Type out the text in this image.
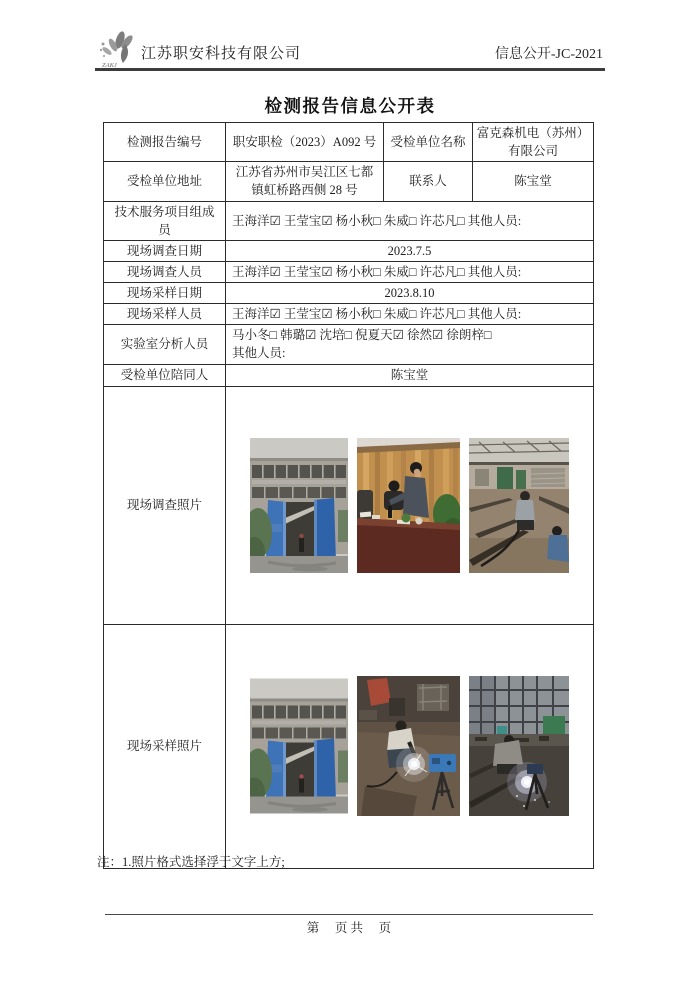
ZAKJ
江苏职安科技有限公司	信息公开-JC-2021
检测报告信息公开表
检测报告编号	职安职检（2023）A092 号	受检单位名称	富克森机电（苏州）有限公司
受检单位地址	江苏省苏州市吴江区七都镇虹桥路西侧 28 号	联系人	陈宝堂
技术服务项目组成员	王海洋☑ 王莹宝☑ 杨小秋□ 朱威□ 许芯凡□ 其他人员:		
现场调查日期	2023.7.5		
现场调查人员	王海洋☑ 王莹宝☑ 杨小秋□ 朱威□ 许芯凡□ 其他人员:		
现场采样日期	2023.8.10		
现场采样人员	王海洋☑ 王莹宝☑ 杨小秋□ 朱威□ 许芯凡□ 其他人员:		
实验室分析人员	马小冬□ 韩璐☑ 沈培□ 倪夏天☑ 徐然☑ 徐朗梓□
其他人员:		

受检单位陪同人	陈宝堂		
现场调查照片	

现场采样照片	
注：1.照片格式选择浮于文字上方;
第　 页 共　 页
